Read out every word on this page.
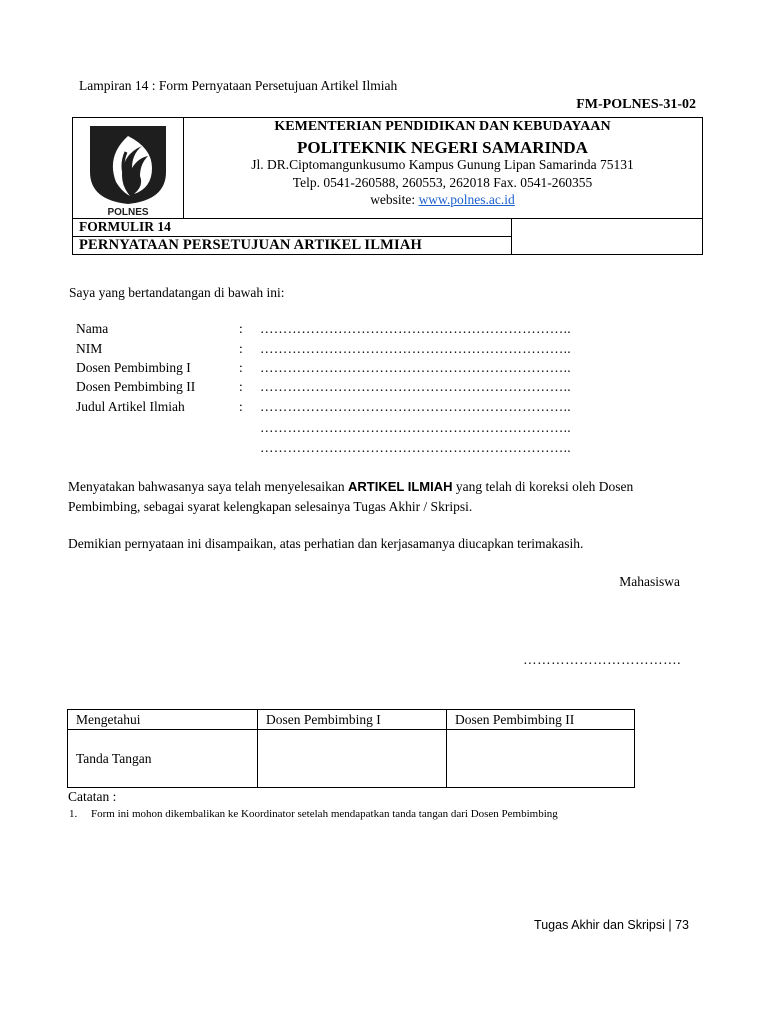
Lampiran 14 : Form Pernyataan Persetujuan Artikel Ilmiah
FM-POLNES-31-02
POLNES
KEMENTERIAN PENDIDIKAN DAN KEBUDAYAAN
POLITEKNIK NEGERI SAMARINDA
Jl. DR.Ciptomangunkusumo Kampus Gunung Lipan Samarinda 75131
Telp. 0541-260588, 260553, 262018 Fax. 0541-260355
website: www.polnes.ac.id
FORMULIR 14
PERNYATAAN PERSETUJUAN ARTIKEL ILMIAH
Saya yang bertandatangan di bawah ini:
Nama	: …………………………………………………………..
NIM	: …………………………………………………………..
Dosen Pembimbing I	: …………………………………………………………..
Dosen Pembimbing II	: …………………………………………………………..
Judul Artikel Ilmiah	: …………………………………………………………..
…………………………………………………………..
…………………………………………………………..
Menyatakan bahwasanya saya telah menyelesaikan ARTIKEL ILMIAH yang telah di koreksi oleh Dosen Pembimbing, sebagai syarat kelengkapan selesainya Tugas Akhir / Skripsi.
Demikian pernyataan ini disampaikan, atas perhatian dan kerjasamanya diucapkan terimakasih.
Mahasiswa
…………………………….
Mengetahui	Dosen Pembimbing I	Dosen Pembimbing II
Tanda Tangan		
Catatan :
1. Form ini mohon dikembalikan ke Koordinator setelah mendapatkan tanda tangan dari Dosen Pembimbing
Tugas Akhir dan Skripsi | 73
